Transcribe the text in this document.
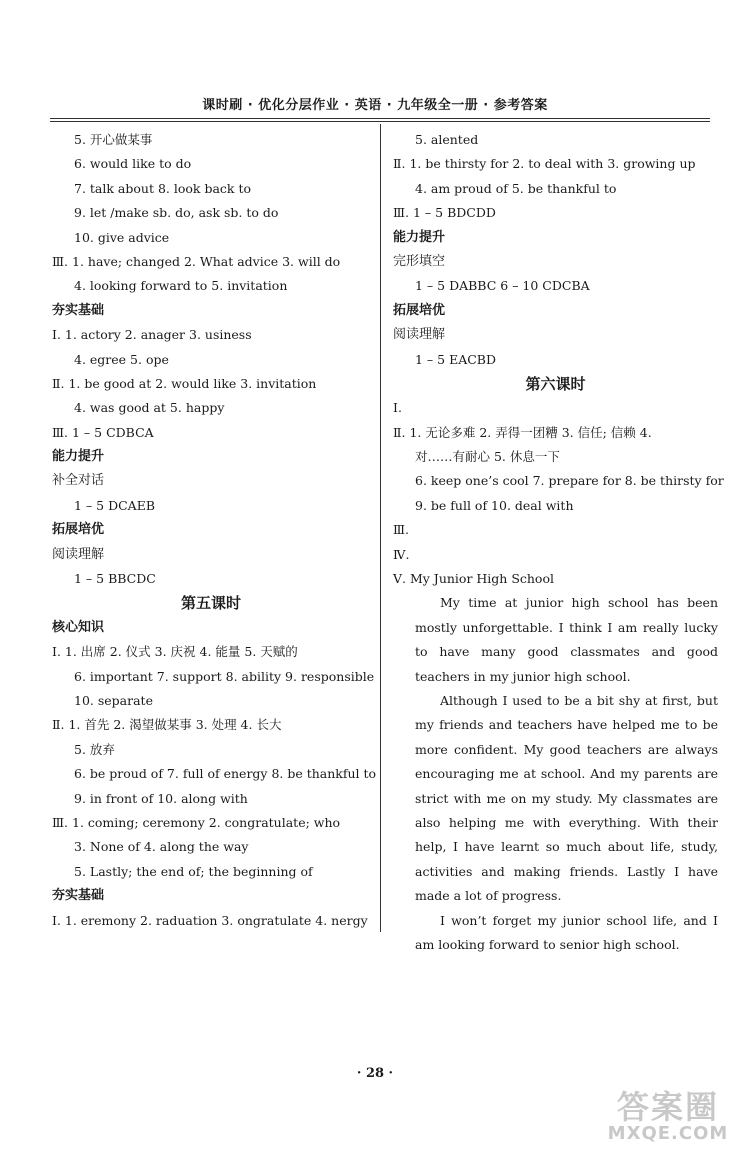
课时刷 · 优化分层作业 · 英语 · 九年级全一册 · 参考答案
5. 开心做某事
6. would like to do
7. talk about 8. look back to
9. let /make sb. do, ask sb. to do
10. give advice
Ⅲ. 1. have; changed 2. What advice 3. will do
4. looking forward to 5. invitation
夯实基础
Ⅰ. 1. actory 2. anager 3. usiness
4. egree 5. ope
Ⅱ. 1. be good at 2. would like 3. invitation
4. was good at 5. happy
Ⅲ. 1 – 5 CDBCA
能力提升
补全对话
1 – 5 DCAEB
拓展培优
阅读理解
1 – 5 BBCDC
第五课时
核心知识
Ⅰ. 1. 出席 2. 仪式 3. 庆祝 4. 能量 5. 天赋的
6. important 7. support 8. ability 9. responsible
10. separate
Ⅱ. 1. 首先 2. 渴望做某事 3. 处理 4. 长大
5. 放弃
6. be proud of 7. full of energy 8. be thankful to
9. in front of 10. along with
Ⅲ. 1. coming; ceremony 2. congratulate; who
3. None of 4. along the way
5. Lastly; the end of; the beginning of
夯实基础
Ⅰ. 1. eremony 2. raduation 3. ongratulate 4. nergy
5. alented
Ⅱ. 1. be thirsty for 2. to deal with 3. growing up
4. am proud of 5. be thankful to
Ⅲ. 1 – 5 BDCDD
能力提升
完形填空
1 – 5 DABBC 6 – 10 CDCBA
拓展培优
阅读理解
1 – 5 EACBD
第六课时
Ⅰ.
Ⅱ. 1. 无论多难 2. 弄得一团糟 3. 信任; 信赖 4.
对……有耐心 5. 休息一下
6. keep one’s cool 7. prepare for 8. be thirsty for
9. be full of 10. deal with
Ⅲ.
Ⅳ.
Ⅴ. My Junior High School

My time at junior high school has been mostly unforgettable. I think I am really lucky to have many good classmates and good teachers in my junior high school.

Although I used to be a bit shy at first, but my friends and teachers have helped me to be more confident. My good teachers are always encouraging me at school. And my parents are strict with me on my study. My classmates are also helping me with everything. With their help, I have learnt so much about life, study, activities and making friends. Lastly I have made a lot of progress.

I won’t forget my junior school life, and I am looking forward to senior high school.

· 28 ·
答案圈
MXQE.COM
